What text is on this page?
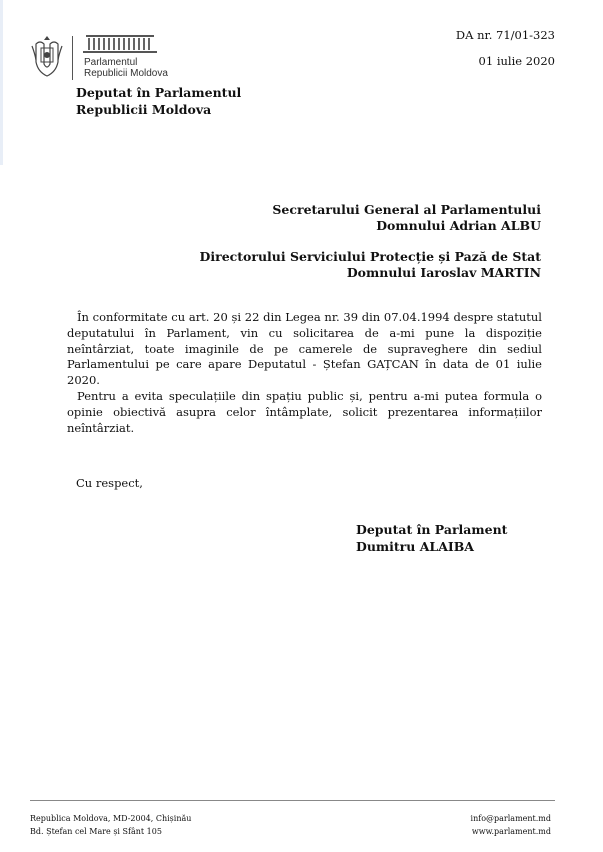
Parlamentul
Republicii Moldova
DA nr. 71/01-323
01 iulie 2020
Deputat în Parlamentul
Republicii Moldova
Secretarului General al Parlamentului
Domnului Adrian ALBU
Directorului Serviciului Protecție și Pază de Stat
Domnului Iaroslav MARTIN

În conformitate cu art. 20 și 22 din Legea nr. 39 din 07.04.1994 despre statutul deputatului în Parlament, vin cu solicitarea de a-mi pune la dispoziție neîntârziat, toate imaginile de pe camerele de supraveghere din sediul Parlamentului pe care apare Deputatul - Ștefan GAȚCAN în data de 01 iulie 2020.

Pentru a evita speculațiile din spațiu public și, pentru a-mi putea formula o opinie obiectivă asupra celor întâmplate, solicit prezentarea informațiilor neîntârziat.

Cu respect,
Deputat în Parlament
Dumitru ALAIBA
Republica Moldova, MD-2004, Chișinău
Bd. Ștefan cel Mare și Sfânt 105
info@parlament.md
www.parlament.md
